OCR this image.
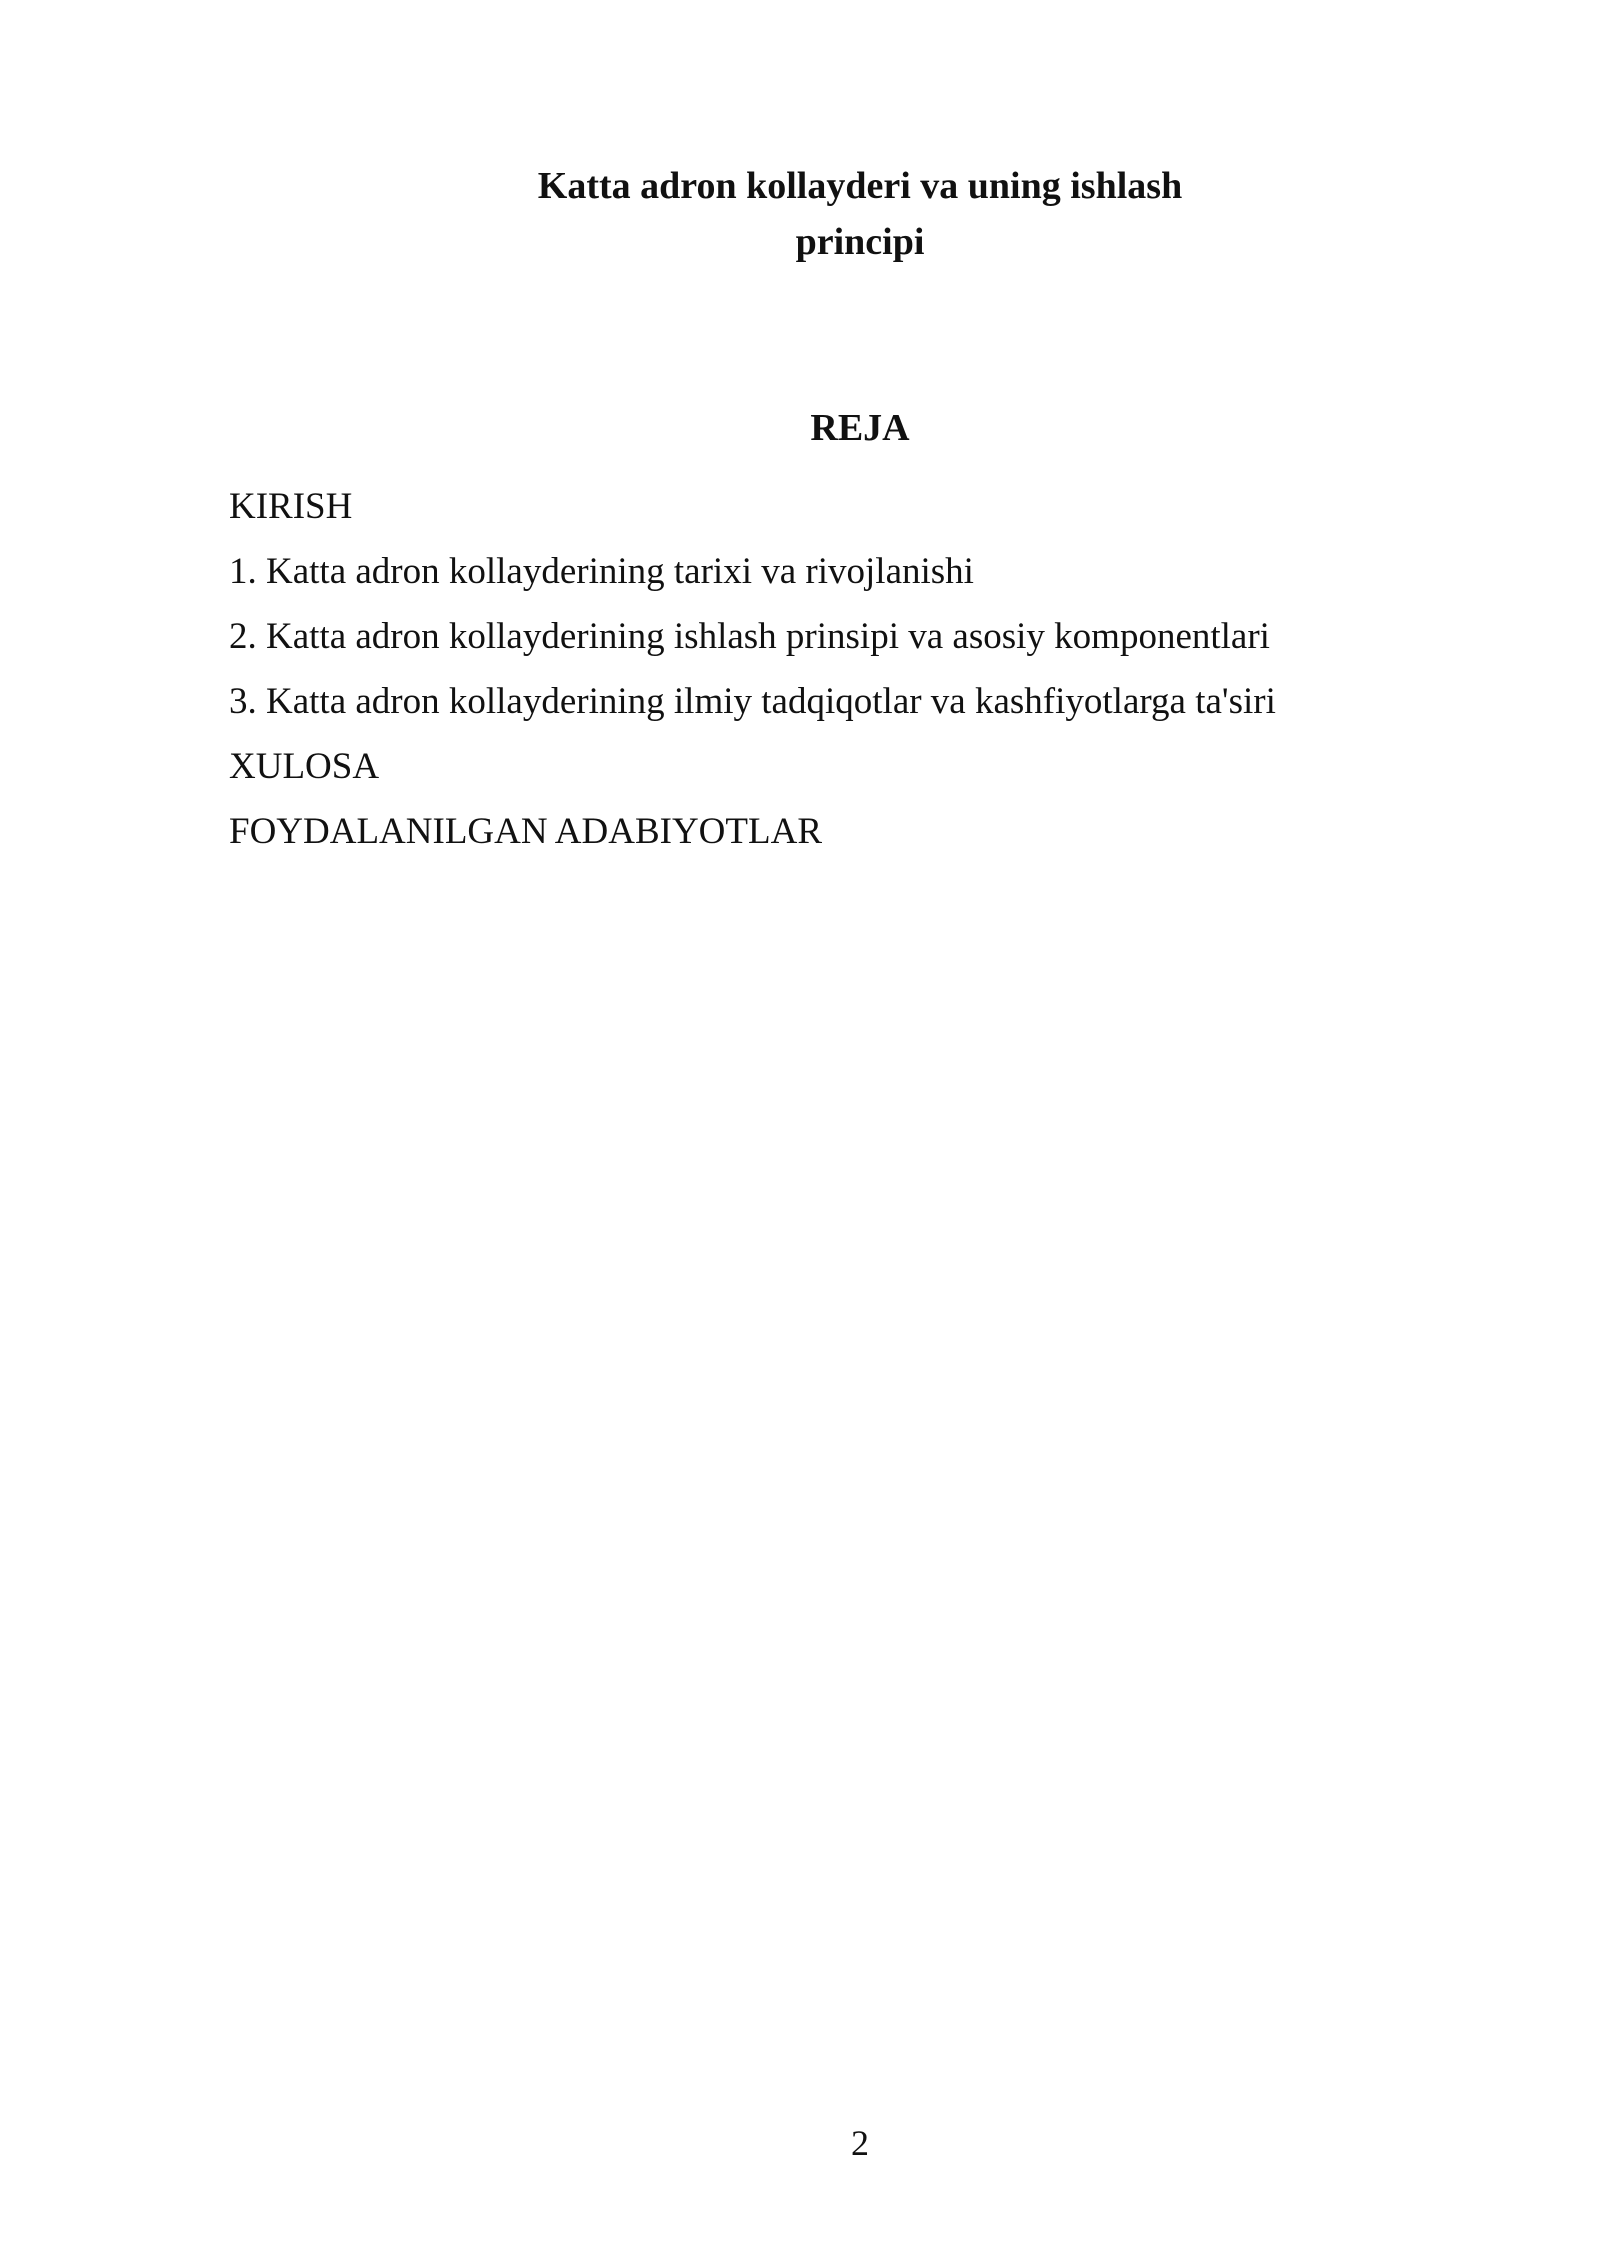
Katta adron kollayderi va uning ishlash

principi

REJA

KIRISH
1. Katta adron kollayderining tarixi va rivojlanishi
2. Katta adron kollayderining ishlash prinsipi va asosiy komponentlari
3. Katta adron kollayderining ilmiy tadqiqotlar va kashfiyotlarga ta'siri
XULOSA
FOYDALANILGAN ADABIYOTLAR
2
